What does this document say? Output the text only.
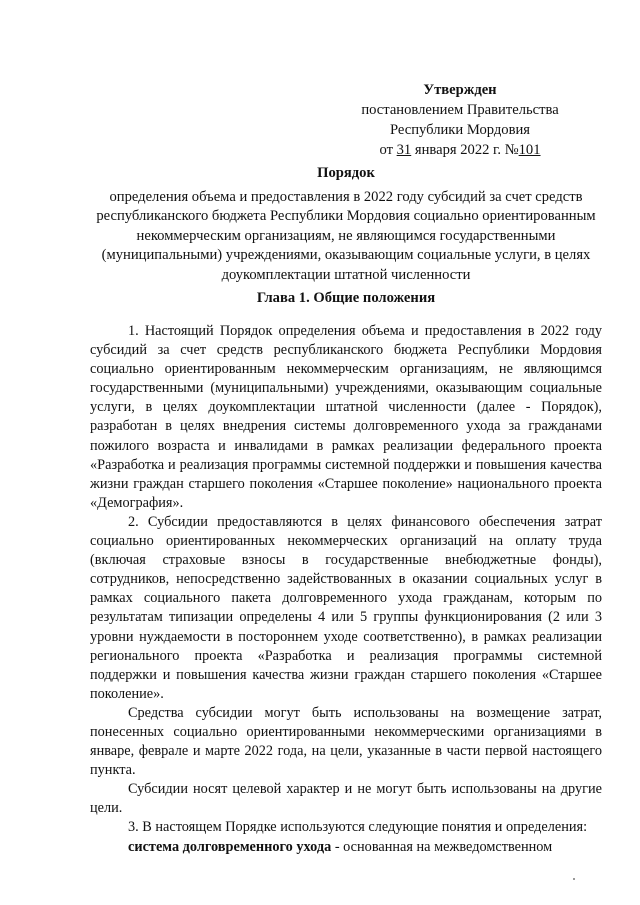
Утвержден
постановлением Правительства
Республики Мордовия
от 31 января 2022 г. №101
Порядок
определения объема и предоставления в 2022 году субсидий за счет средств республиканского бюджета Республики Мордовия социально ориентированным некоммерческим организациям, не являющимся государственными (муниципальными) учреждениями, оказывающим социальные услуги, в целях доукомплектации штатной численности
Глава 1. Общие положения

1. Настоящий Порядок определения объема и предоставления в 2022 году субсидий за счет средств республиканского бюджета Республики Мордовия социально ориентированным некоммерческим организациям, не являющимся государственными (муниципальными) учреждениями, оказывающим социальные услуги, в целях доукомплектации штатной численности (далее - Порядок), разработан в целях внедрения системы долговременного ухода за гражданами пожилого возраста и инвалидами в рамках реализации федерального проекта «Разработка и реализация программы системной поддержки и повышения качества жизни граждан старшего поколения «Старшее поколение» национального проекта «Демография».

2. Субсидии предоставляются в целях финансового обеспечения затрат социально ориентированных некоммерческих организаций на оплату труда (включая страховые взносы в государственные внебюджетные фонды), сотрудников, непосредственно задействованных в оказании социальных услуг в рамках социального пакета долговременного ухода гражданам, которым по результатам типизации определены 4 или 5 группы функционирования (2 или 3 уровни нуждаемости в постороннем уходе соответственно), в рамках реализации регионального проекта «Разработка и реализация программы системной поддержки и повышения качества жизни граждан старшего поколения «Старшее поколение».

Средства субсидии могут быть использованы на возмещение затрат, понесенных социально ориентированными некоммерческими организациями в январе, феврале и марте 2022 года, на цели, указанные в части первой настоящего пункта.

Субсидии носят целевой характер и не могут быть использованы на другие цели.

3. В настоящем Порядке используются следующие понятия и определения:

система долговременного ухода - основанная на межведомственном
